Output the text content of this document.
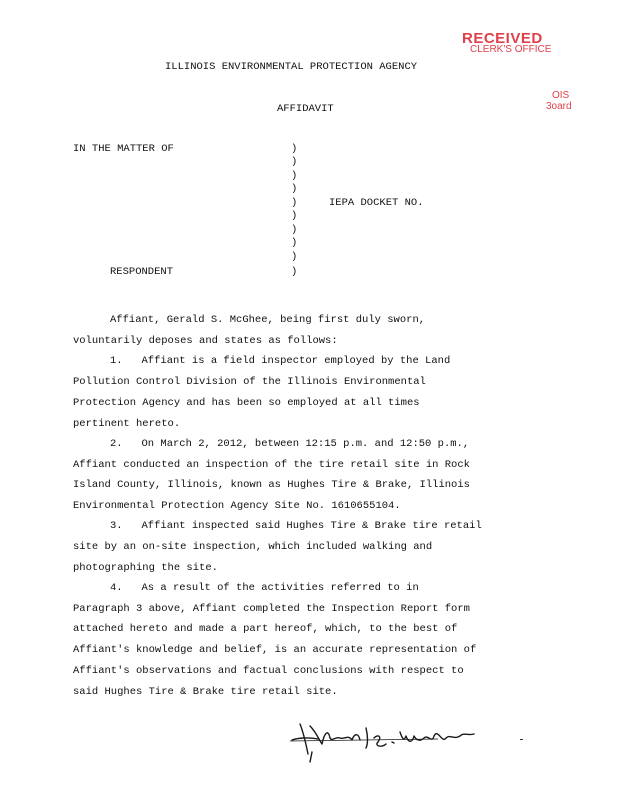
RECEIVED
CLERK'S OFFICE
OIS
3oard
ILLINOIS ENVIRONMENTAL PROTECTION AGENCY
AFFIDAVIT
IN THE MATTER OF
IEPA DOCKET NO.
RESPONDENT
)
)
)
)
)
)
)
)
)
)
Affiant, Gerald S. McGhee, being first duly sworn,
voluntarily deposes and states as follows:
1.   Affiant is a field inspector employed by the Land
Pollution Control Division of the Illinois Environmental
Protection Agency and has been so employed at all times
pertinent hereto.
2.   On March 2, 2012, between 12:15 p.m. and 12:50 p.m.,
Affiant conducted an inspection of the tire retail site in Rock
Island County, Illinois, known as Hughes Tire & Brake, Illinois
Environmental Protection Agency Site No. 1610655104.
3.   Affiant inspected said Hughes Tire & Brake tire retail
site by an on-site inspection, which included walking and
photographing the site.
4.   As a result of the activities referred to in
Paragraph 3 above, Affiant completed the Inspection Report form
attached hereto and made a part hereof, which, to the best of
Affiant's knowledge and belief, is an accurate representation of
Affiant's observations and factual conclusions with respect to
said Hughes Tire & Brake tire retail site.
